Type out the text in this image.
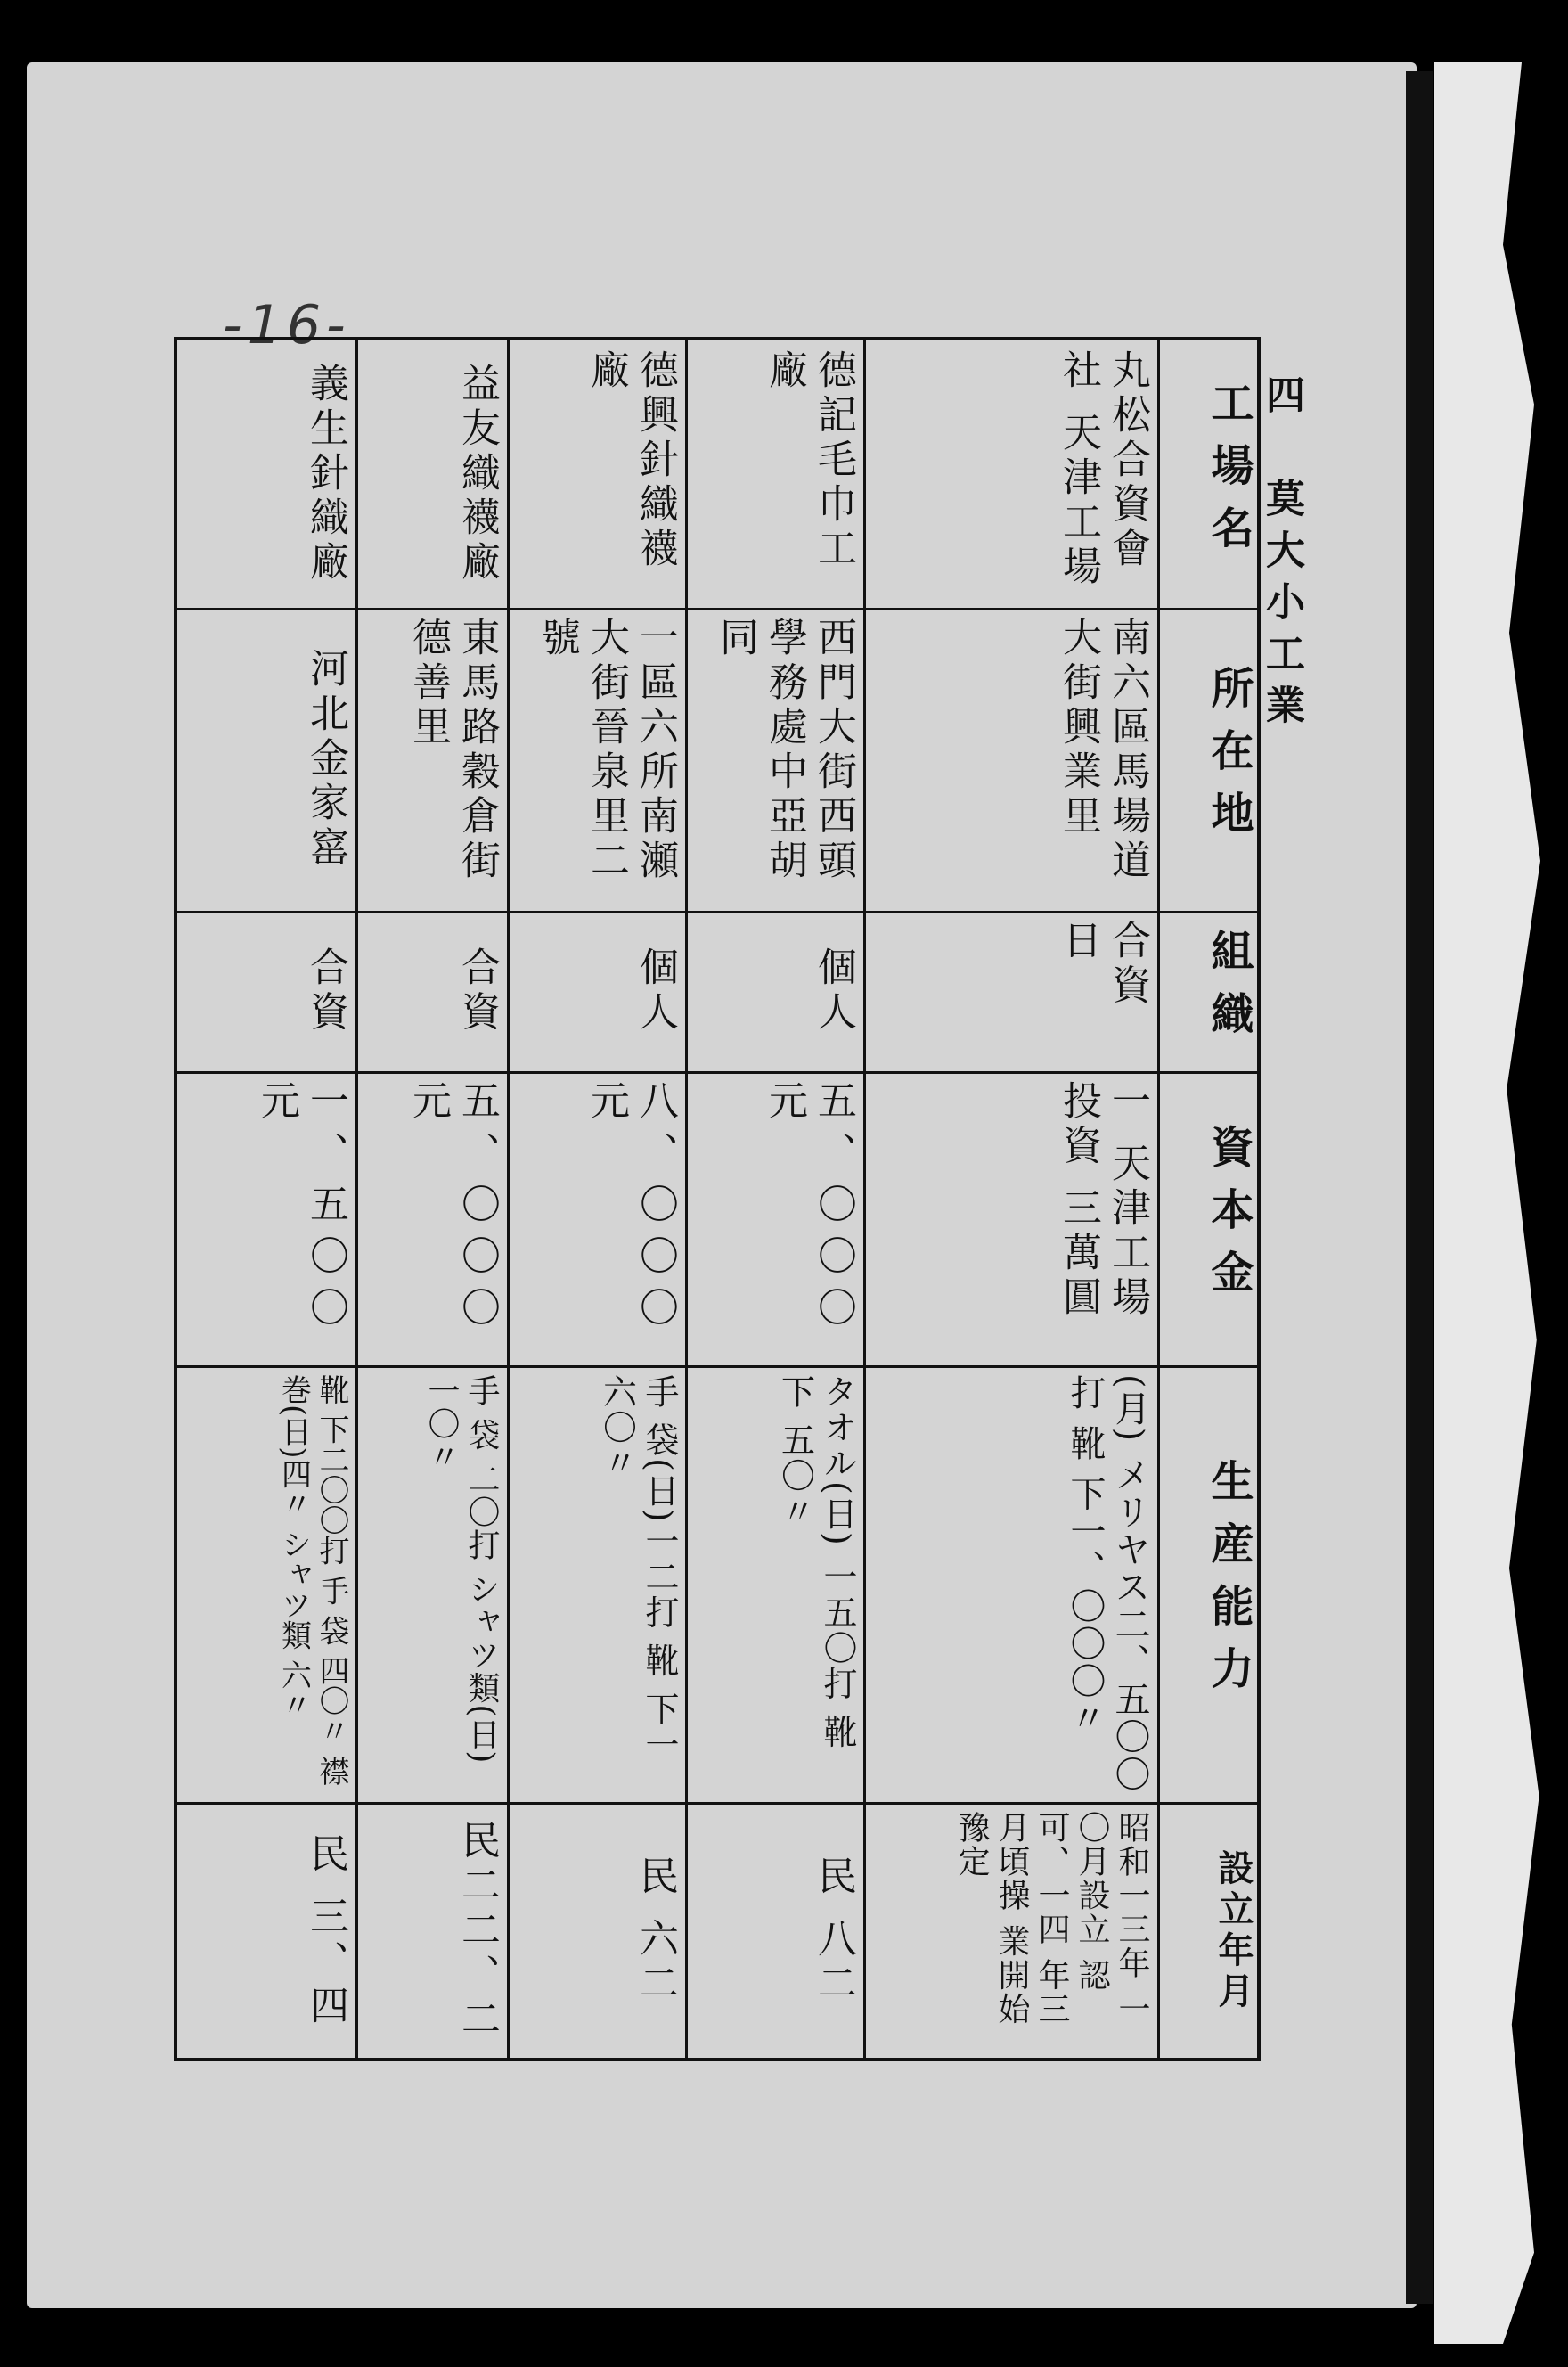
-16-
四　莫大小工業
工場名
所在地
組織
資本金
生産能力
設立年月
丸松合資會社 天津工場
南六區馬場道 大街興業里
合資 日
一 天津工場投資 三萬圓
(月) メリヤス二、五〇〇打 靴 下一、〇〇〇〃
昭和一三年 一〇月設立 認可、一四 年三月頃操 業開始豫定
德記毛巾工廠
西門大街西頭 學務處中亞胡 同
個人
五、〇〇〇元
タオル(日) 一五〇打 靴 下 五〇〃
民 八二
德興針織襪廠
一區六所南瀬 大街晉泉里二 號
個人
八、〇〇〇元
手 袋(日)一二打 靴 下一六〇〃
民 六二
益友織襪廠
東馬路穀倉街 德善里
合資
五、〇〇〇元
手 袋 二〇打 シャツ類(日)一〇〃
民二二、二
義生針織廠
河北金家窰
合資
一、五〇〇元
靴 下二〇〇打 手 袋 四〇〃 襟 巻(日)四〃 シャツ類 六〃
民 三、四
